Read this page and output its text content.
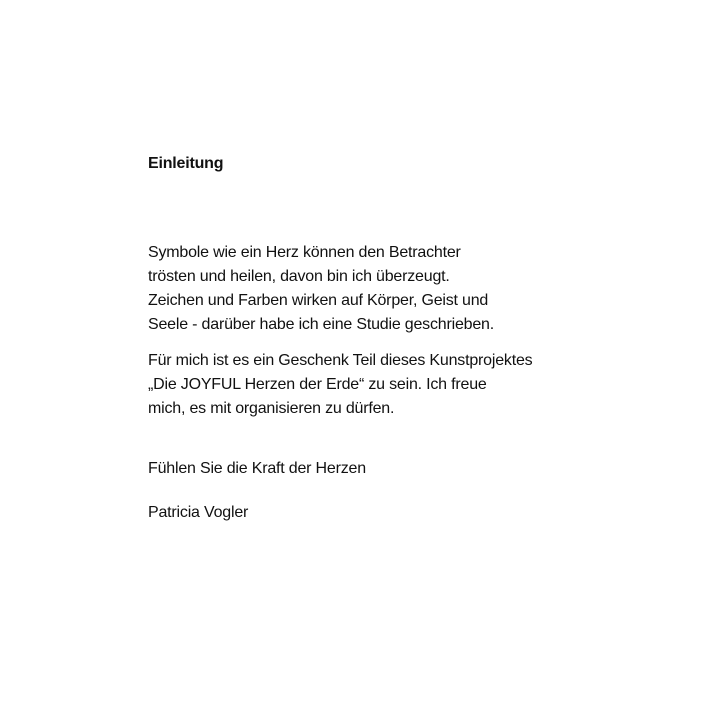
Einleitung
Symbole wie ein Herz können den Betrachter
trösten und heilen, davon bin ich überzeugt.
Zeichen und Farben wirken auf Körper, Geist und
Seele - darüber habe ich eine Studie geschrieben.
Für mich ist es ein Geschenk Teil dieses Kunstprojektes
„Die JOYFUL Herzen der Erde“ zu sein. Ich freue
mich, es mit organisieren zu dürfen.
Fühlen Sie die Kraft der Herzen
Patricia Vogler
